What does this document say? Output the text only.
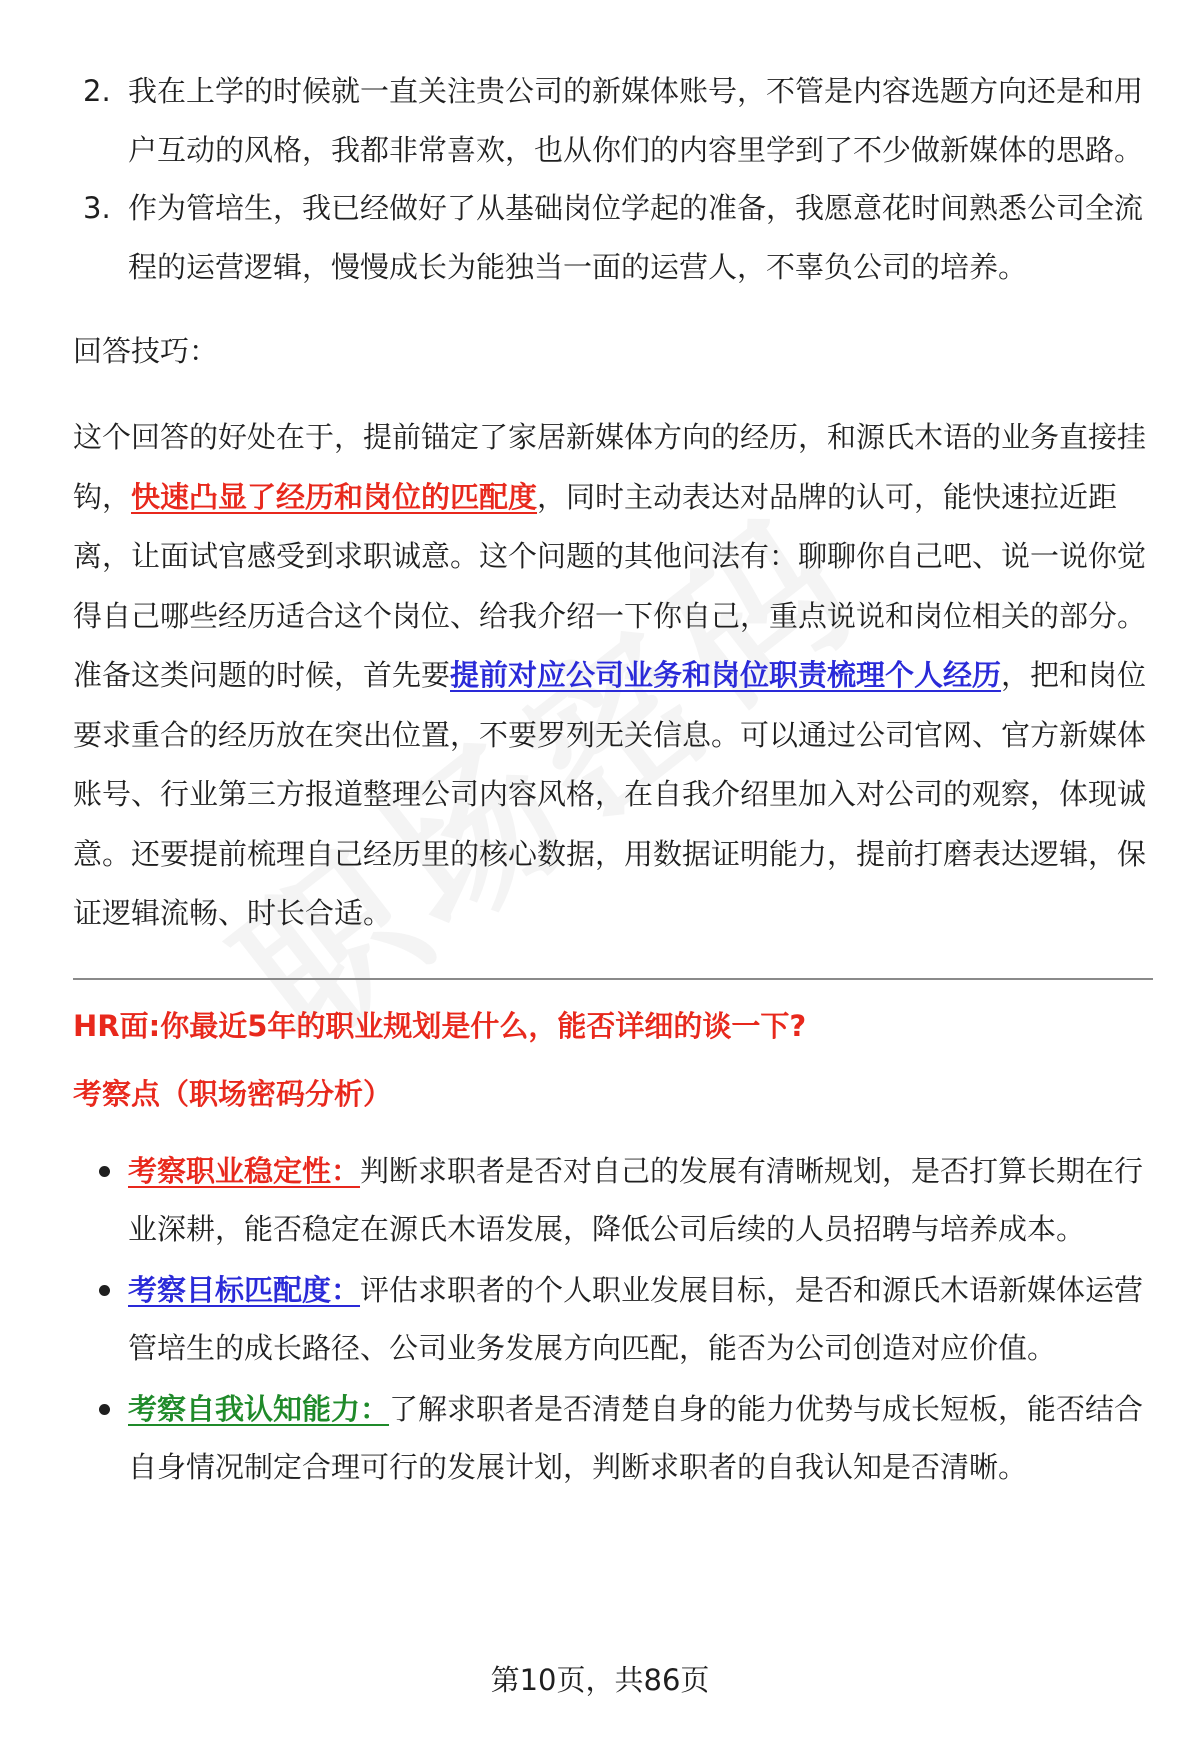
2. 我在上学的时候就一直关注贵公司的新媒体账号，不管是内容选题方向还是和用户互动的风格，我都非常喜欢，也从你们的内容里学到了不少做新媒体的思路。
3. 作为管培生，我已经做好了从基础岗位学起的准备，我愿意花时间熟悉公司全流程的运营逻辑，慢慢成长为能独当一面的运营人，不辜负公司的培养。
回答技巧：

这个回答的好处在于，提前锚定了家居新媒体方向的经历，和源氏木语的业务直接挂钩，快速凸显了经历和岗位的匹配度，同时主动表达对品牌的认可，能快速拉近距离，让面试官感受到求职诚意。这个问题的其他问法有：聊聊你自己吧、说一说你觉得自己哪些经历适合这个岗位、给我介绍一下你自己，重点说说和岗位相关的部分。

准备这类问题的时候，首先要提前对应公司业务和岗位职责梳理个人经历，把和岗位要求重合的经历放在突出位置，不要罗列无关信息。可以通过公司官网、官方新媒体账号、行业第三方报道整理公司内容风格，在自我介绍里加入对公司的观察，体现诚意。还要提前梳理自己经历里的核心数据，用数据证明能力，提前打磨表达逻辑，保证逻辑流畅、时长合适。

HR面:你最近5年的职业规划是什么，能否详细的谈一下?
考察点（职场密码分析）
考察职业稳定性：判断求职者是否对自己的发展有清晰规划，是否打算长期在行业深耕，能否稳定在源氏木语发展，降低公司后续的人员招聘与培养成本。
考察目标匹配度：评估求职者的个人职业发展目标，是否和源氏木语新媒体运营管培生的成长路径、公司业务发展方向匹配，能否为公司创造对应价值。
考察自我认知能力：了解求职者是否清楚自身的能力优势与成长短板，能否结合自身情况制定合理可行的发展计划，判断求职者的自我认知是否清晰。
第10页，共86页
